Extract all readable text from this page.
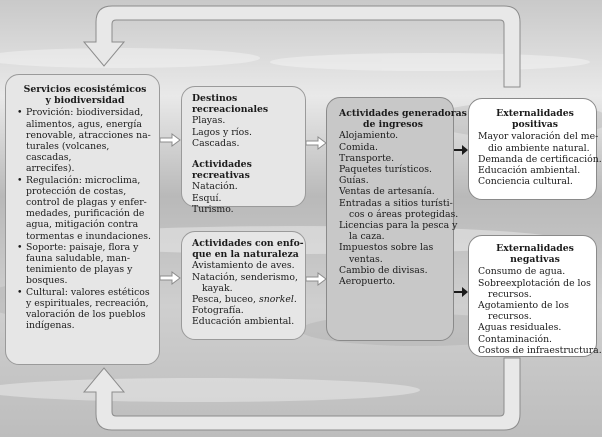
Servicios ecosistémicos y biodiversidad
• Provición: biodiversidad,
alimentos, agus, energía
renovable, atracciones na-
turales (volcanes, cascadas,
arrecifes).
• Regulación: microclima,
protección de costas,
control de plagas y enfer-
medades, purificación de
agua, mitigación contra
tormentas e inundaciones.
• Soporte: paisaje, flora y
fauna saludable, man-
tenimiento de playas y
bosques.
• Cultural: valores estéticos
y espirituales, recreación,
valoración de los pueblos
indígenas.
Destinos recreacionales
Playas.
Lagos y ríos.
Cascadas.
Actividades recreativas
Natación.
Esquí.
Turismo.
Actividades con enfo-
que en la naturaleza
Avistamiento de aves.
Natación, senderismo,
kayak.
Pesca, buceo, snorkel.
Fotografía.
Educación ambiental.
Actividades generadoras
de ingresos
Alojamiento.
Comida.
Transporte.
Paquetes turísticos.
Guías.
Ventas de artesanía.
Entradas a sitios turísti-
cos o áreas protegidas.
Licencias para la pesca y
la caza.
Impuestos sobre las
ventas.
Cambio de divisas.
Aeropuerto.
Externalidades positivas
Mayor valoración del me-
dio ambiente natural.
Demanda de certificación.
Educación ambiental.
Conciencia cultural.
Externalidades negativas
Consumo de agua.
Sobreexplotación de los
recursos.
Agotamiento de los
recursos.
Aguas residuales.
Contaminación.
Costos de infraestructura.
